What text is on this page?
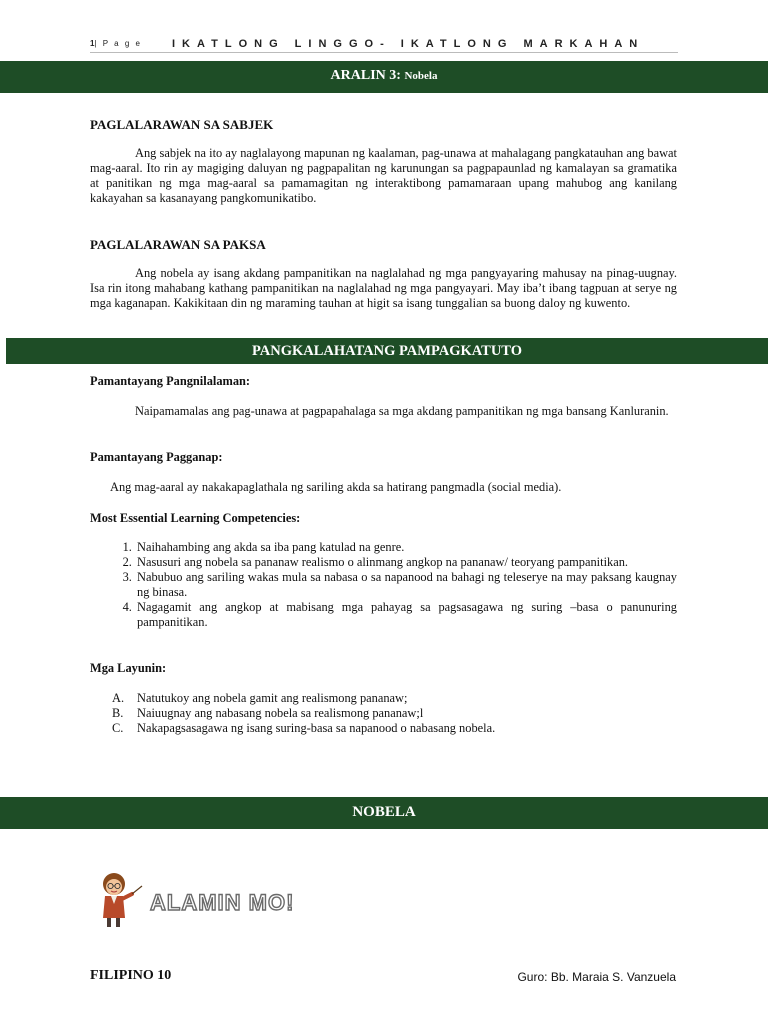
1| P a g e	IKATLONG LINGGO- IKATLONG MARKAHAN
ARALIN 3: Nobela

PAGLALARAWAN SA SABJEK

Ang sabjek na ito ay naglalayong mapunan ng kaalaman, pag-unawa at mahalagang pangkatauhan ang bawat mag-aaral. Ito rin ay magiging daluyan ng pagpapalitan ng karunungan sa pagpapaunlad ng kamalayan sa gramatika at panitikan ng mga mag-aaral sa pamamagitan ng interaktibong pamamaraan upang mahubog ang kanilang kakayahan sa kasanayang pangkomunikatibo.

PAGLALARAWAN SA PAKSA

Ang nobela ay isang akdang pampanitikan na naglalahad ng mga pangyayaring mahusay na pinag-uugnay. Isa rin itong mahabang kathang pampanitikan na naglalahad ng mga pangyayari. May iba’t ibang tagpuan at serye ng mga kaganapan. Kakikitaan din ng maraming tauhan at higit sa isang tunggalian sa buong daloy ng kuwento.

PANGKALAHATANG PAMPAGKATUTO

Pamantayang Pangnilalaman:

Naipamamalas ang pag-unawa at pagpapahalaga sa mga akdang pampanitikan ng mga bansang Kanluranin.

Pamantayang Pagganap:

Ang mag-aaral ay nakakapaglathala ng sariling akda sa hatirang pangmadla (social media).

Most Essential Learning Competencies:

1. Naihahambing ang akda sa iba pang katulad na genre.
2. Nasusuri ang nobela sa pananaw realismo o alinmang angkop na pananaw/ teoryang pampanitikan.
3. Nabubuo ang sariling wakas mula sa nabasa o sa napanood na bahagi ng teleserye na may paksang kaugnay ng binasa.
4. Nagagamit ang angkop at mabisang mga pahayag sa pagsasagawa ng suring –basa o panunuring pampanitikan.

Mga Layunin:

A. Natutukoy ang nobela gamit ang realismong pananaw;
B. Naiuugnay ang nabasang nobela sa realismong pananaw;l
C. Nakapagsasagawa ng isang suring-basa sa napanood o nabasang nobela.
NOBELA
ALAMIN MO!
FILIPINO 10	Guro: Bb. Maraia S. Vanzuela
